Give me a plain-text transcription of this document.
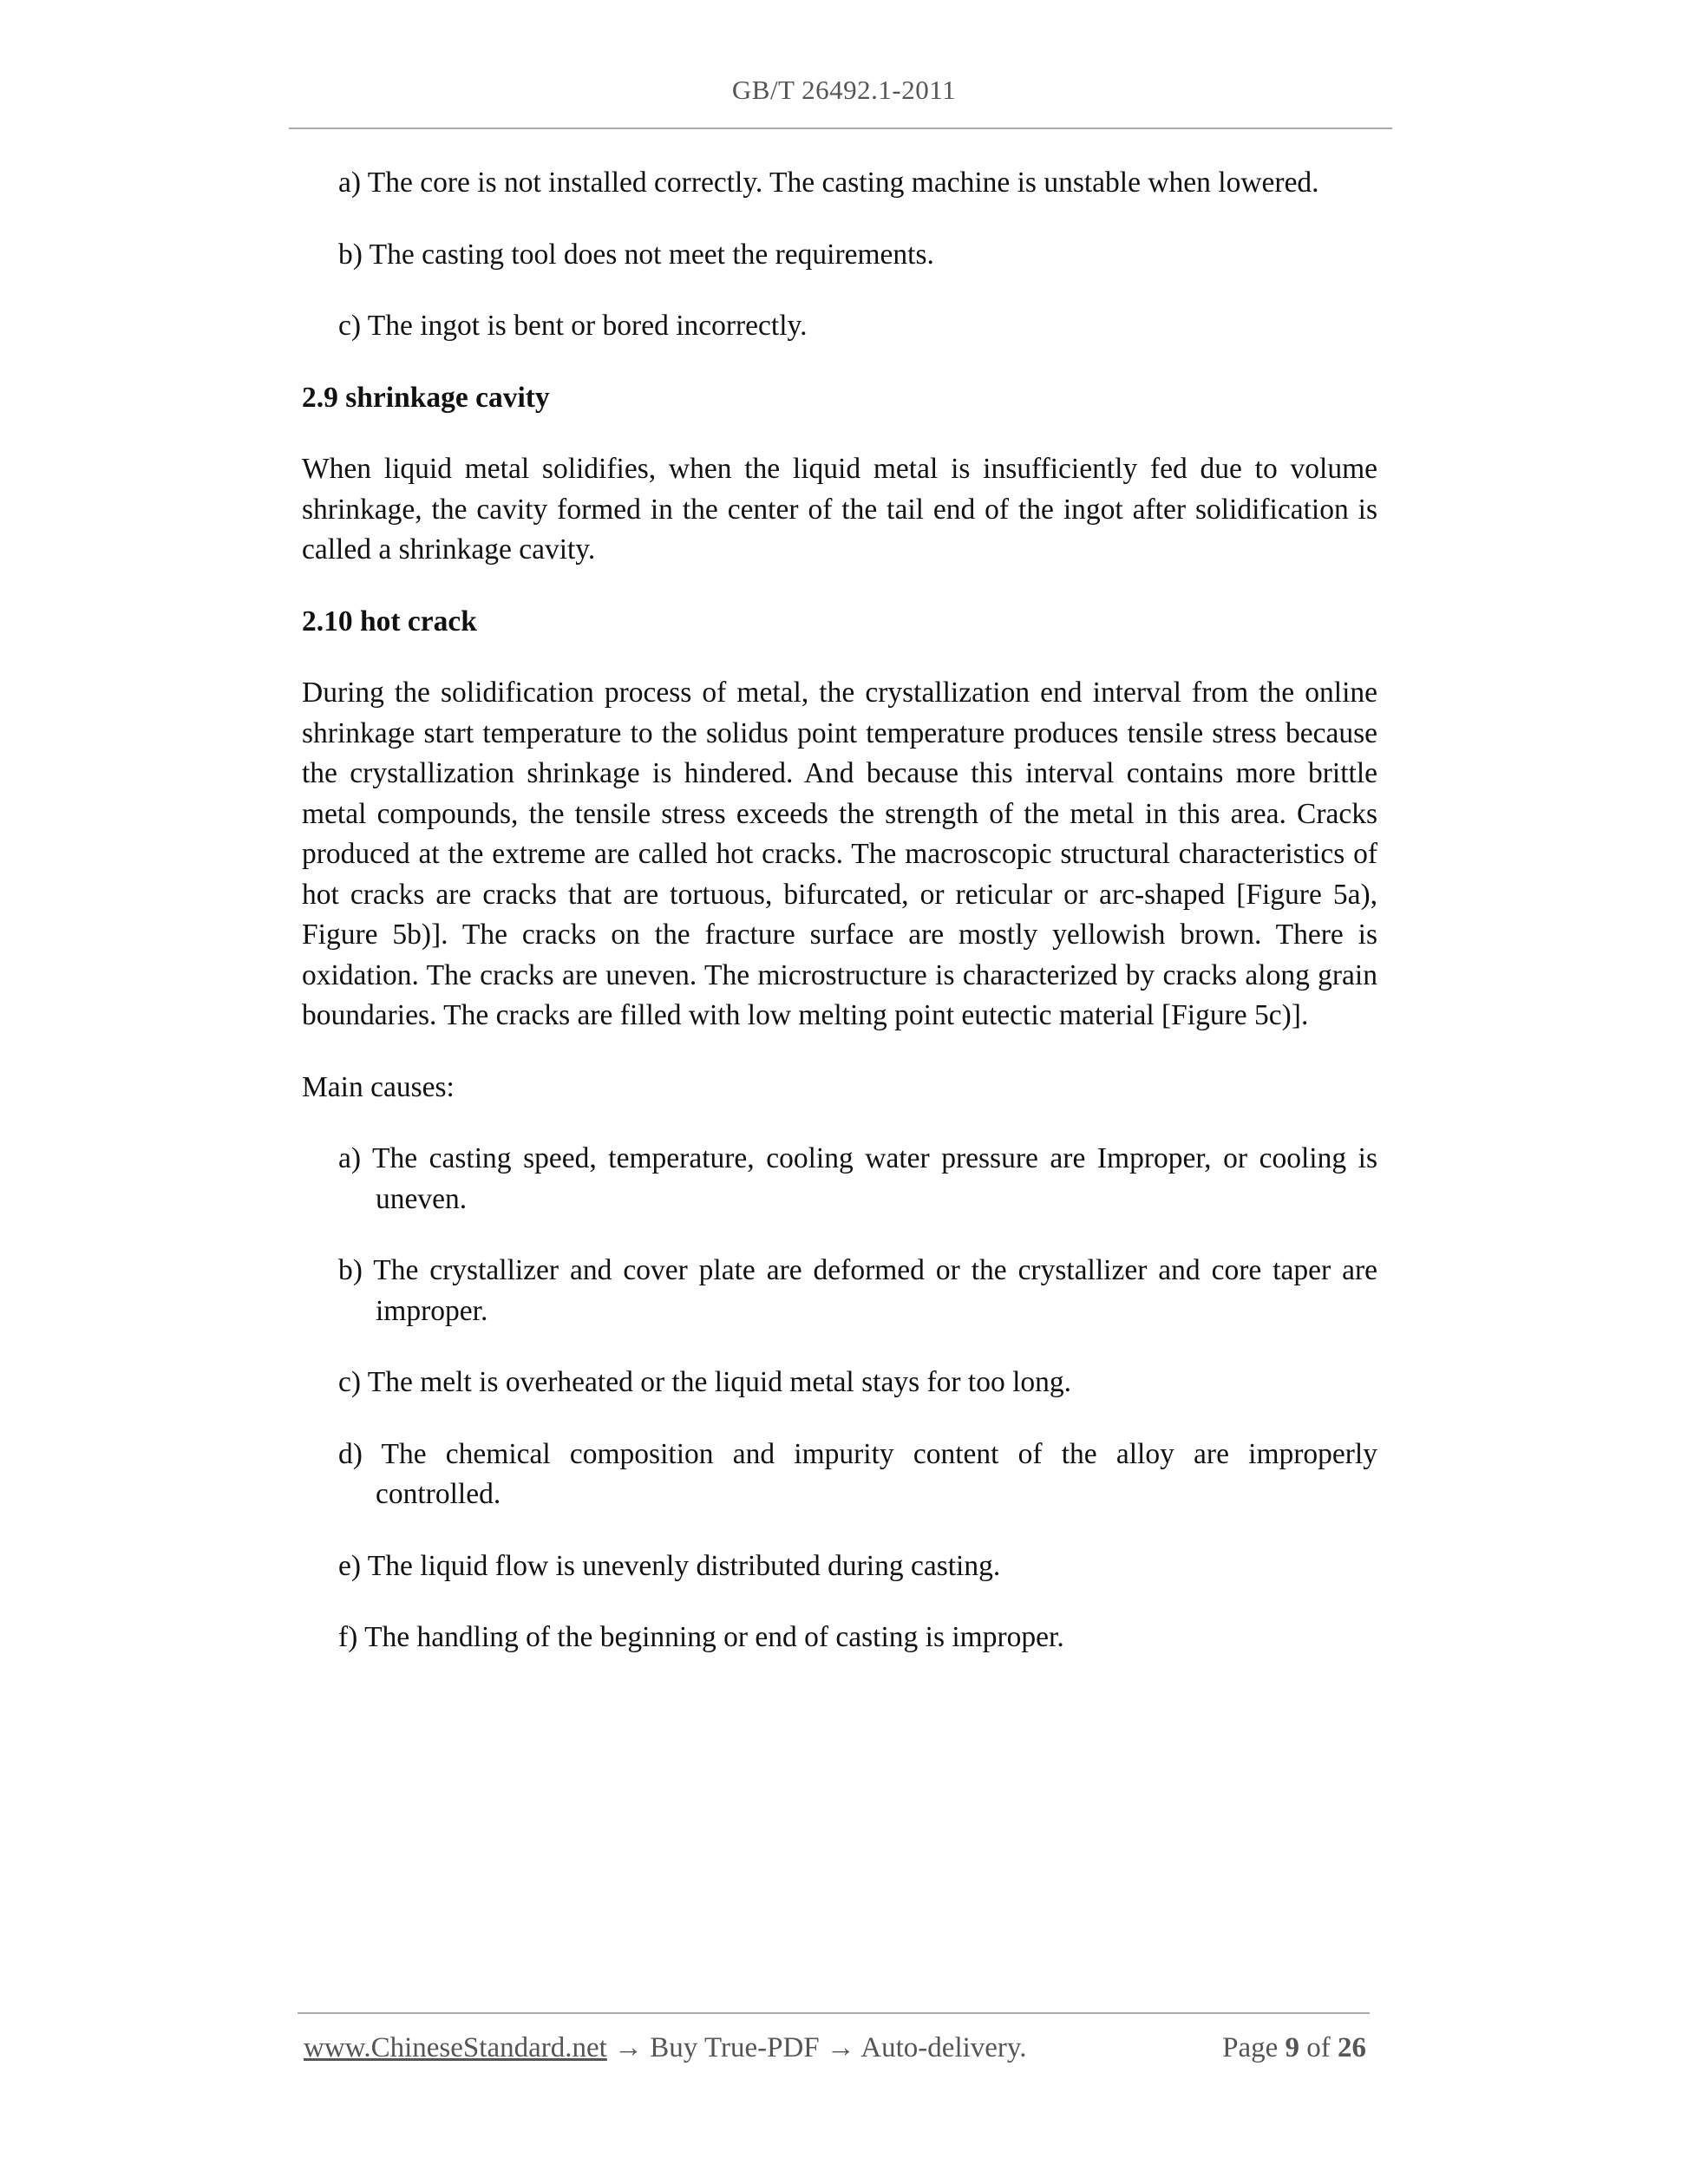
GB/T 26492.1-2011
a) The core is not installed correctly. The casting machine is unstable when lowered.
b) The casting tool does not meet the requirements.
c) The ingot is bent or bored incorrectly.
2.9 shrinkage cavity
When liquid metal solidifies, when the liquid metal is insufficiently fed due to volume shrinkage, the cavity formed in the center of the tail end of the ingot after solidification is called a shrinkage cavity.
2.10 hot crack
During the solidification process of metal, the crystallization end interval from the online shrinkage start temperature to the solidus point temperature produces tensile stress because the crystallization shrinkage is hindered. And because this interval contains more brittle metal compounds, the tensile stress exceeds the strength of the metal in this area. Cracks produced at the extreme are called hot cracks. The macroscopic structural characteristics of hot cracks are cracks that are tortuous, bifurcated, or reticular or arc-shaped [Figure 5a), Figure 5b)]. The cracks on the fracture surface are mostly yellowish brown. There is oxidation. The cracks are uneven. The microstructure is characterized by cracks along grain boundaries. The cracks are filled with low melting point eutectic material [Figure 5c)].
Main causes:
a) The casting speed, temperature, cooling water pressure are Improper, or cooling is uneven.
b) The crystallizer and cover plate are deformed or the crystallizer and core taper are improper.
c) The melt is overheated or the liquid metal stays for too long.
d) The chemical composition and impurity content of the alloy are improperly controlled.
e) The liquid flow is unevenly distributed during casting.
f) The handling of the beginning or end of casting is improper.
www.ChineseStandard.net → Buy True-PDF → Auto-delivery.	Page 9 of 26
